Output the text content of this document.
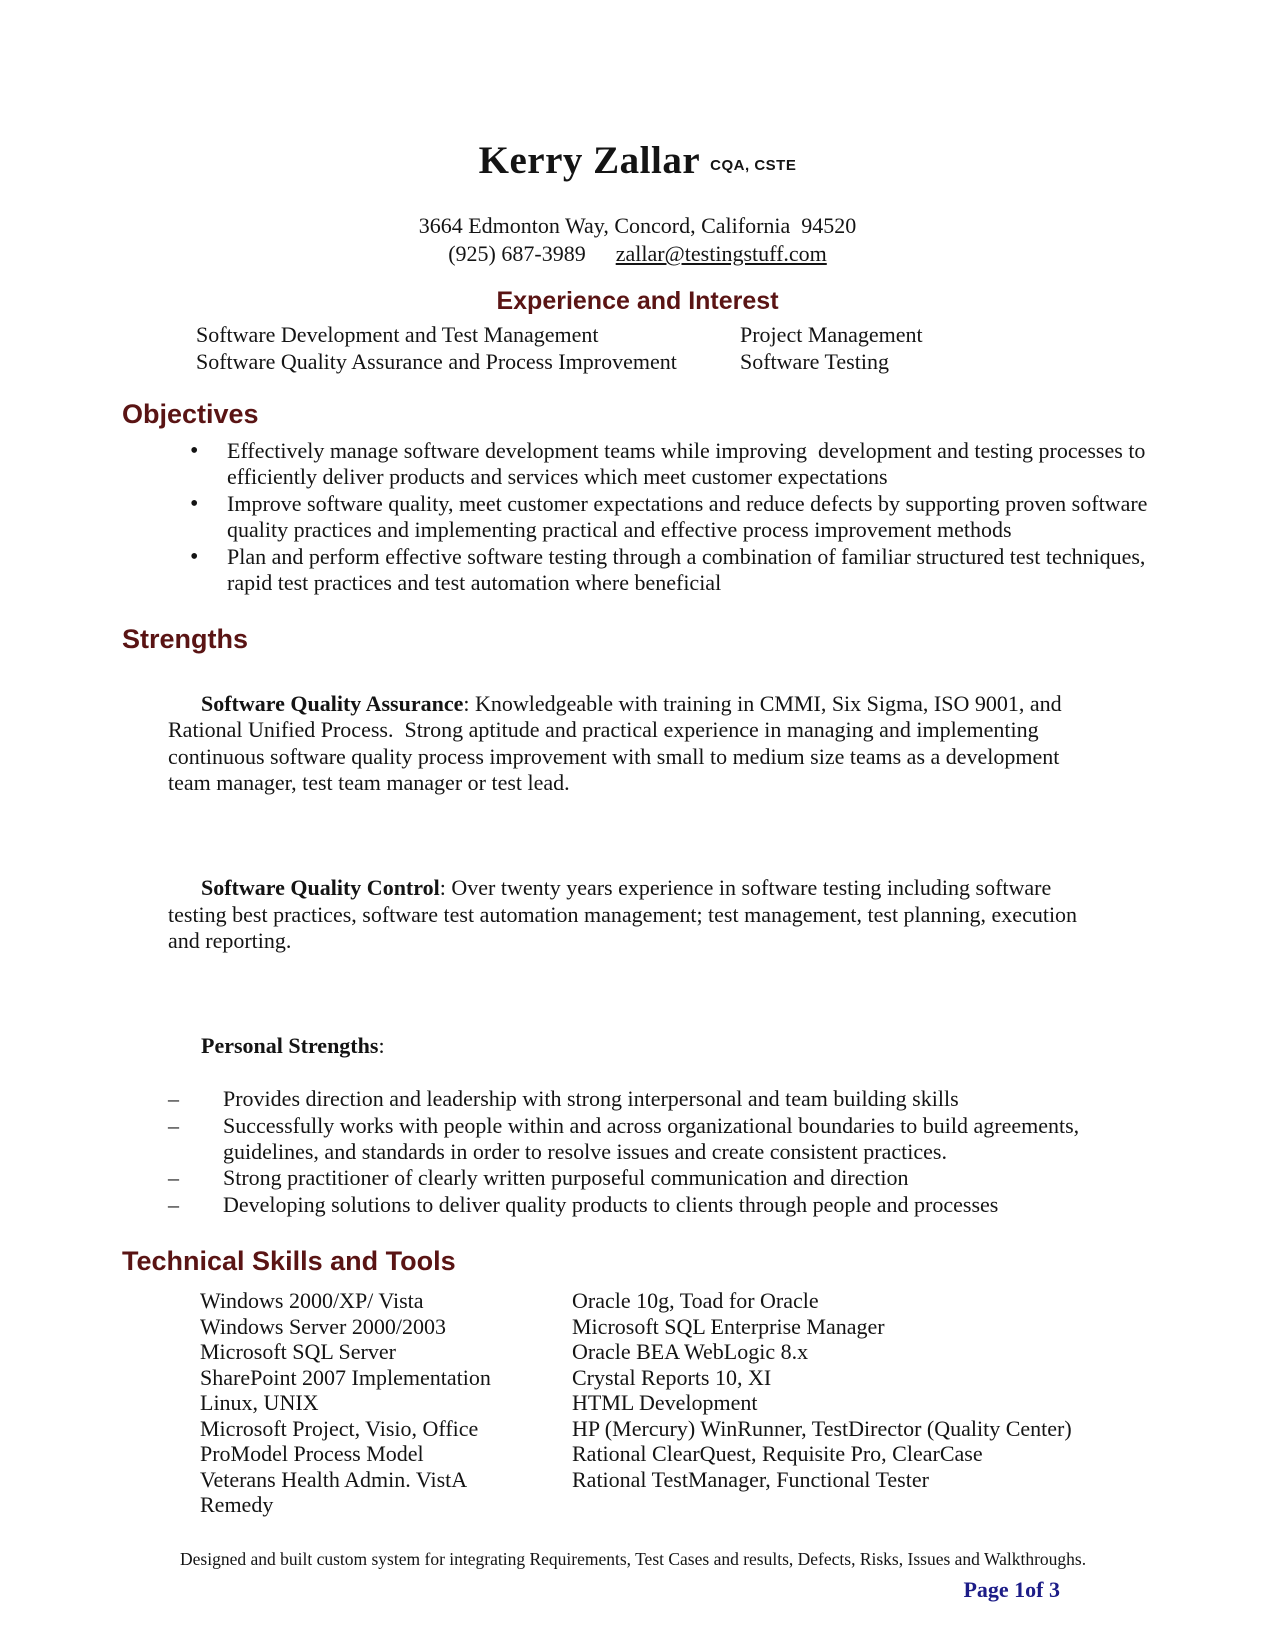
Kerry Zallar CQA, CSTE
3664 Edmonton Way, Concord, California  94520
(925) 687-3989 zallar@testingstuff.com
Experience and Interest
Software Development and Test Management	Project Management
Software Quality Assurance and Process Improvement	Software Testing
Objectives
•
Effectively manage software development teams while improving  development and testing processes to efficiently deliver products and services which meet customer expectations
•
Improve software quality, meet customer expectations and reduce defects by supporting proven software quality practices and implementing practical and effective process improvement methods
•
Plan and perform effective software testing through a combination of familiar structured test techniques, rapid test practices and test automation where beneficial
Strengths

Software Quality Assurance: Knowledgeable with training in CMMI, Six Sigma, ISO 9001, and Rational Unified Process.  Strong aptitude and practical experience in managing and implementing continuous software quality process improvement with small to medium size teams as a development team manager, test team manager or test lead.

Software Quality Control: Over twenty years experience in software testing including software testing best practices, software test automation management; test management, test planning, execution and reporting.

Personal Strengths:

–
Provides direction and leadership with strong interpersonal and team building skills
–
Successfully works with people within and across organizational boundaries to build agreements, guidelines, and standards in order to resolve issues and create consistent practices.
–
Strong practitioner of clearly written purposeful communication and direction
–
Developing solutions to deliver quality products to clients through people and processes
Technical Skills and Tools
Windows 2000/XP/ Vista
Windows Server 2000/2003
Microsoft SQL Server
SharePoint 2007 Implementation
Linux, UNIX
Microsoft Project, Visio, Office
ProModel Process Model
Veterans Health Admin. VistA
Remedy
Oracle 10g, Toad for Oracle
Microsoft SQL Enterprise Manager
Oracle BEA WebLogic 8.x
Crystal Reports 10, XI
HTML Development
HP (Mercury) WinRunner, TestDirector (Quality Center)
Rational ClearQuest, Requisite Pro, ClearCase
Rational TestManager, Functional Tester
Designed and built custom system for integrating Requirements, Test Cases and results, Defects, Risks, Issues and Walkthroughs.
Page 1of 3
